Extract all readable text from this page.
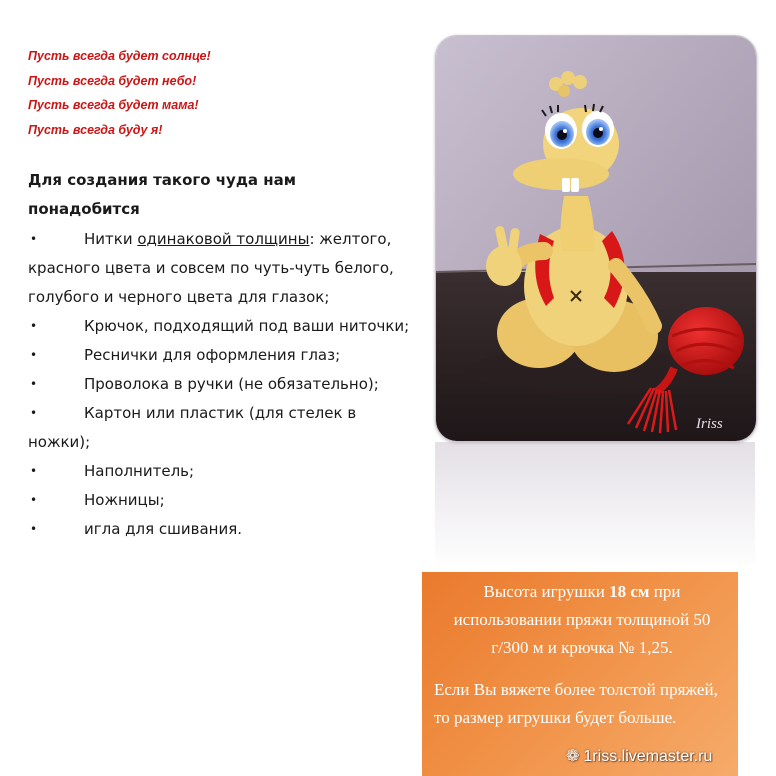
Пусть всегда будет солнце!
Пусть всегда будет небо!
Пусть всегда будет мама!
Пусть всегда буду я!
Для создания такого чуда нам понадобится
•	Нитки одинаковой толщины: желтого, красного цвета и совсем по чуть-чуть белого, голубого и черного цвета для глазок;
•	Крючок, подходящий под ваши ниточки;
•	Реснички для оформления глаз;
•	Проволока в ручки (не обязательно);
•	Картон или пластик (для стелек в ножки);
•	Наполнитель;
•	Ножницы;
•	игла для сшивания.
Iriss
Высота игрушки 18 см при использовании пряжи толщиной 50 г/300 м и крючка № 1,25.
Если Вы вяжете более толстой пряжей, то размер игрушки будет больше.
❁ 1riss.livemaster.ru
